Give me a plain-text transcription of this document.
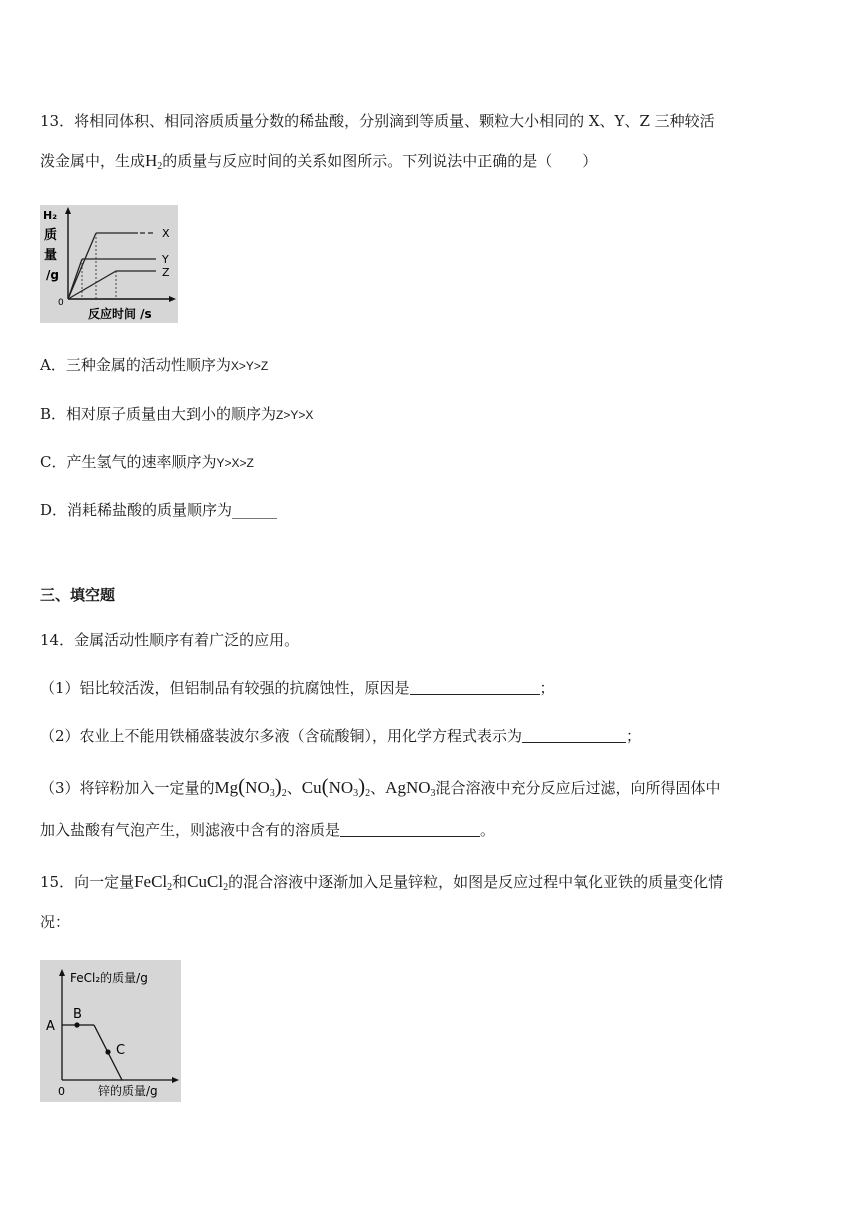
13．将相同体积、相同溶质质量分数的稀盐酸，分别滴到等质量、颗粒大小相同的 X、Y、Z 三种较活
泼金属中，生成$H_2$的质量与反应时间的关系如图所示。下列说法中正确的是（　　）
H₂
质
量
/g
0
反应时间 /s
X
Y
Z
A．三种金属的活动性顺序为X>Y>Z
B．相对原子质量由大到小的顺序为Z>Y>X
C．产生氢气的速率顺序为Y>X>Z
D．消耗稀盐酸的质量顺序为______
三、填空题
14．金属活动性顺序有着广泛的应用。
（1）铝比较活泼，但铝制品有较强的抗腐蚀性，原因是	；
（2）农业上不能用铁桶盛装波尔多液（含硫酸铜），用化学方程式表示为	；
（3）将锌粉加入一定量的$Mg(NO_3)_2$、$Cu(NO_3)_2$、AgNO$_3$混合溶液中充分反应后过滤，向所得固体中
加入盐酸有气泡产生，则滤液中含有的溶质是	。
15．向一定量FeCl$_2$和CuCl$_2$的混合溶液中逐渐加入足量锌粒，如图是反应过程中氧化亚铁的质量变化情
况：
FeCl₂的质量/g
A
B
C
0	锌的质量/g
